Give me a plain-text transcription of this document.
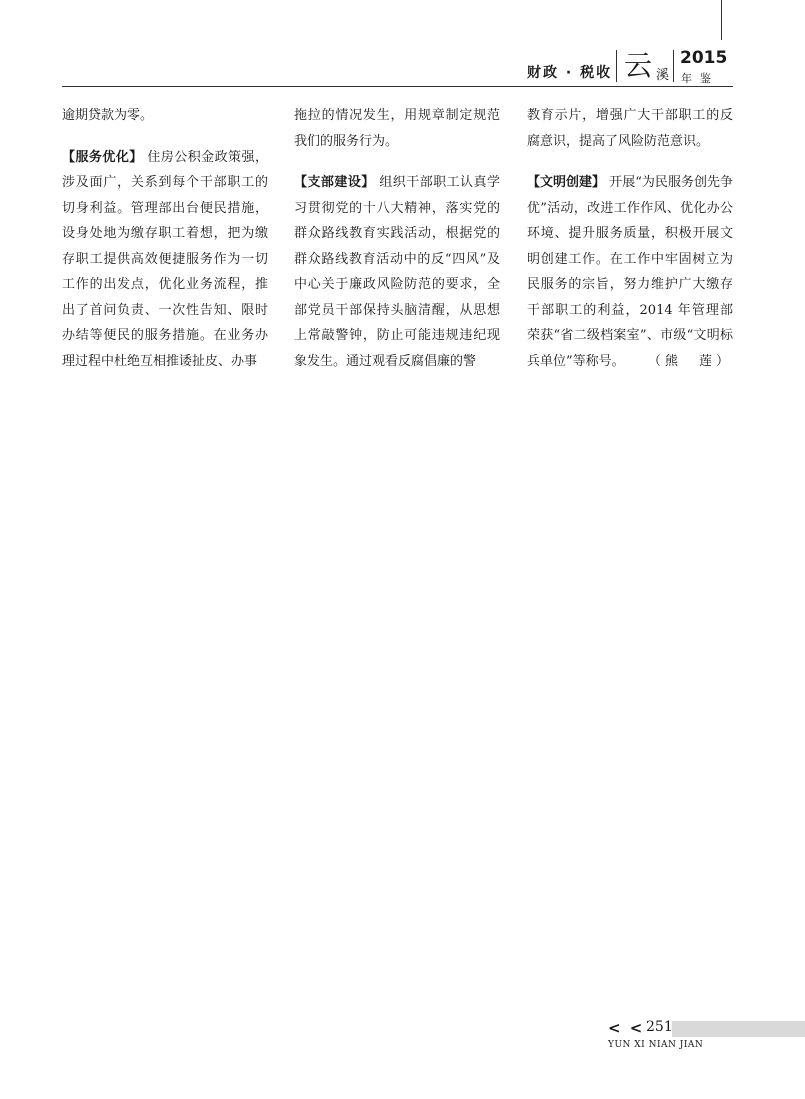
财政 · 税收 云 溪
2015
年鉴

逾期贷款为零。

【服务优化】 住房公积金政策强，涉及面广，关系到每个干部职工的切身利益。管理部出台便民措施，设身处地为缴存职工着想，把为缴存职工提供高效便捷服务作为一切工作的出发点，优化业务流程，推出了首问负责、一次性告知、限时办结等便民的服务措施。在业务办理过程中杜绝互相推诿扯皮、办事

拖拉的情况发生，用规章制定规范我们的服务行为。

【支部建设】 组织干部职工认真学习贯彻党的十八大精神，落实党的群众路线教育实践活动，根据党的群众路线教育活动中的反“四风”及中心关于廉政风险防范的要求，全部党员干部保持头脑清醒，从思想上常敲警钟，防止可能违规违纪现象发生。通过观看反腐倡廉的警

教育示片，增强广大干部职工的反腐意识，提高了风险防范意识。

【文明创建】 开展“为民服务创先争优”活动，改进工作作风、优化办公环境、提升服务质量，积极开展文明创建工作。在工作中牢固树立为民服务的宗旨，努力维护广大缴存干部职工的利益，2014 年管理部荣获“省二级档案室”、市级“文明标兵单位”等称号。 （熊　莲）

< < 251
YUN XI NIAN JIAN
